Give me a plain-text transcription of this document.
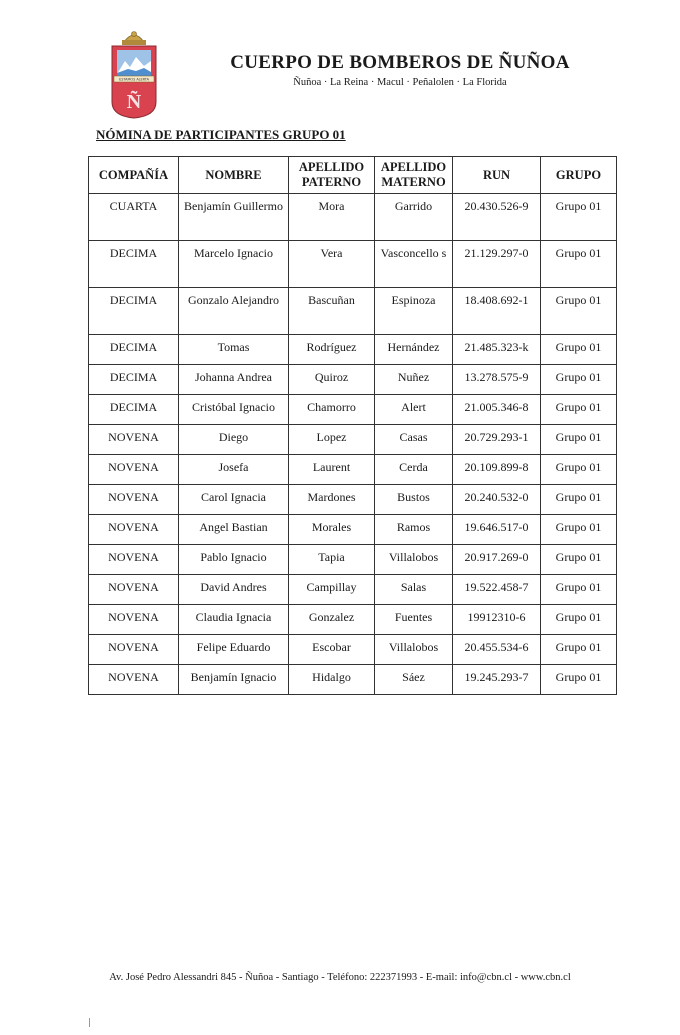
ESTAMOS ALERTA
Ñ
CUERPO DE BOMBEROS DE ÑUÑOA
Ñuñoa · La Reina · Macul · Peñalolen · La Florida
NÓMINA DE PARTICIPANTES GRUPO 01
COMPAÑÍA	NOMBRE	APELLIDO PATERNO	APELLIDO MATERNO	RUN	GRUPO
CUARTA	Benjamín Guillermo	Mora	Garrido	20.430.526-9	Grupo 01
DECIMA	Marcelo Ignacio	Vera	Vasconcello s	21.129.297-0	Grupo 01
DECIMA	Gonzalo Alejandro	Bascuñan	Espinoza	18.408.692-1	Grupo 01
DECIMA	Tomas	Rodríguez	Hernández	21.485.323-k	Grupo 01
DECIMA	Johanna Andrea	Quiroz	Nuñez	13.278.575-9	Grupo 01
DECIMA	Cristóbal Ignacio	Chamorro	Alert	21.005.346-8	Grupo 01
NOVENA	Diego	Lopez	Casas	20.729.293-1	Grupo 01
NOVENA	Josefa	Laurent	Cerda	20.109.899-8	Grupo 01
NOVENA	Carol Ignacia	Mardones	Bustos	20.240.532-0	Grupo 01
NOVENA	Angel Bastian	Morales	Ramos	19.646.517-0	Grupo 01
NOVENA	Pablo Ignacio	Tapia	Villalobos	20.917.269-0	Grupo 01
NOVENA	David Andres	Campillay	Salas	19.522.458-7	Grupo 01
NOVENA	Claudia Ignacia	Gonzalez	Fuentes	19912310-6	Grupo 01
NOVENA	Felipe Eduardo	Escobar	Villalobos	20.455.534-6	Grupo 01
NOVENA	Benjamín Ignacio	Hidalgo	Sáez	19.245.293-7	Grupo 01
Av. José Pedro Alessandri 845 - Ñuñoa - Santiago - Teléfono: 222371993 - E-mail: info@cbn.cl - www.cbn.cl
